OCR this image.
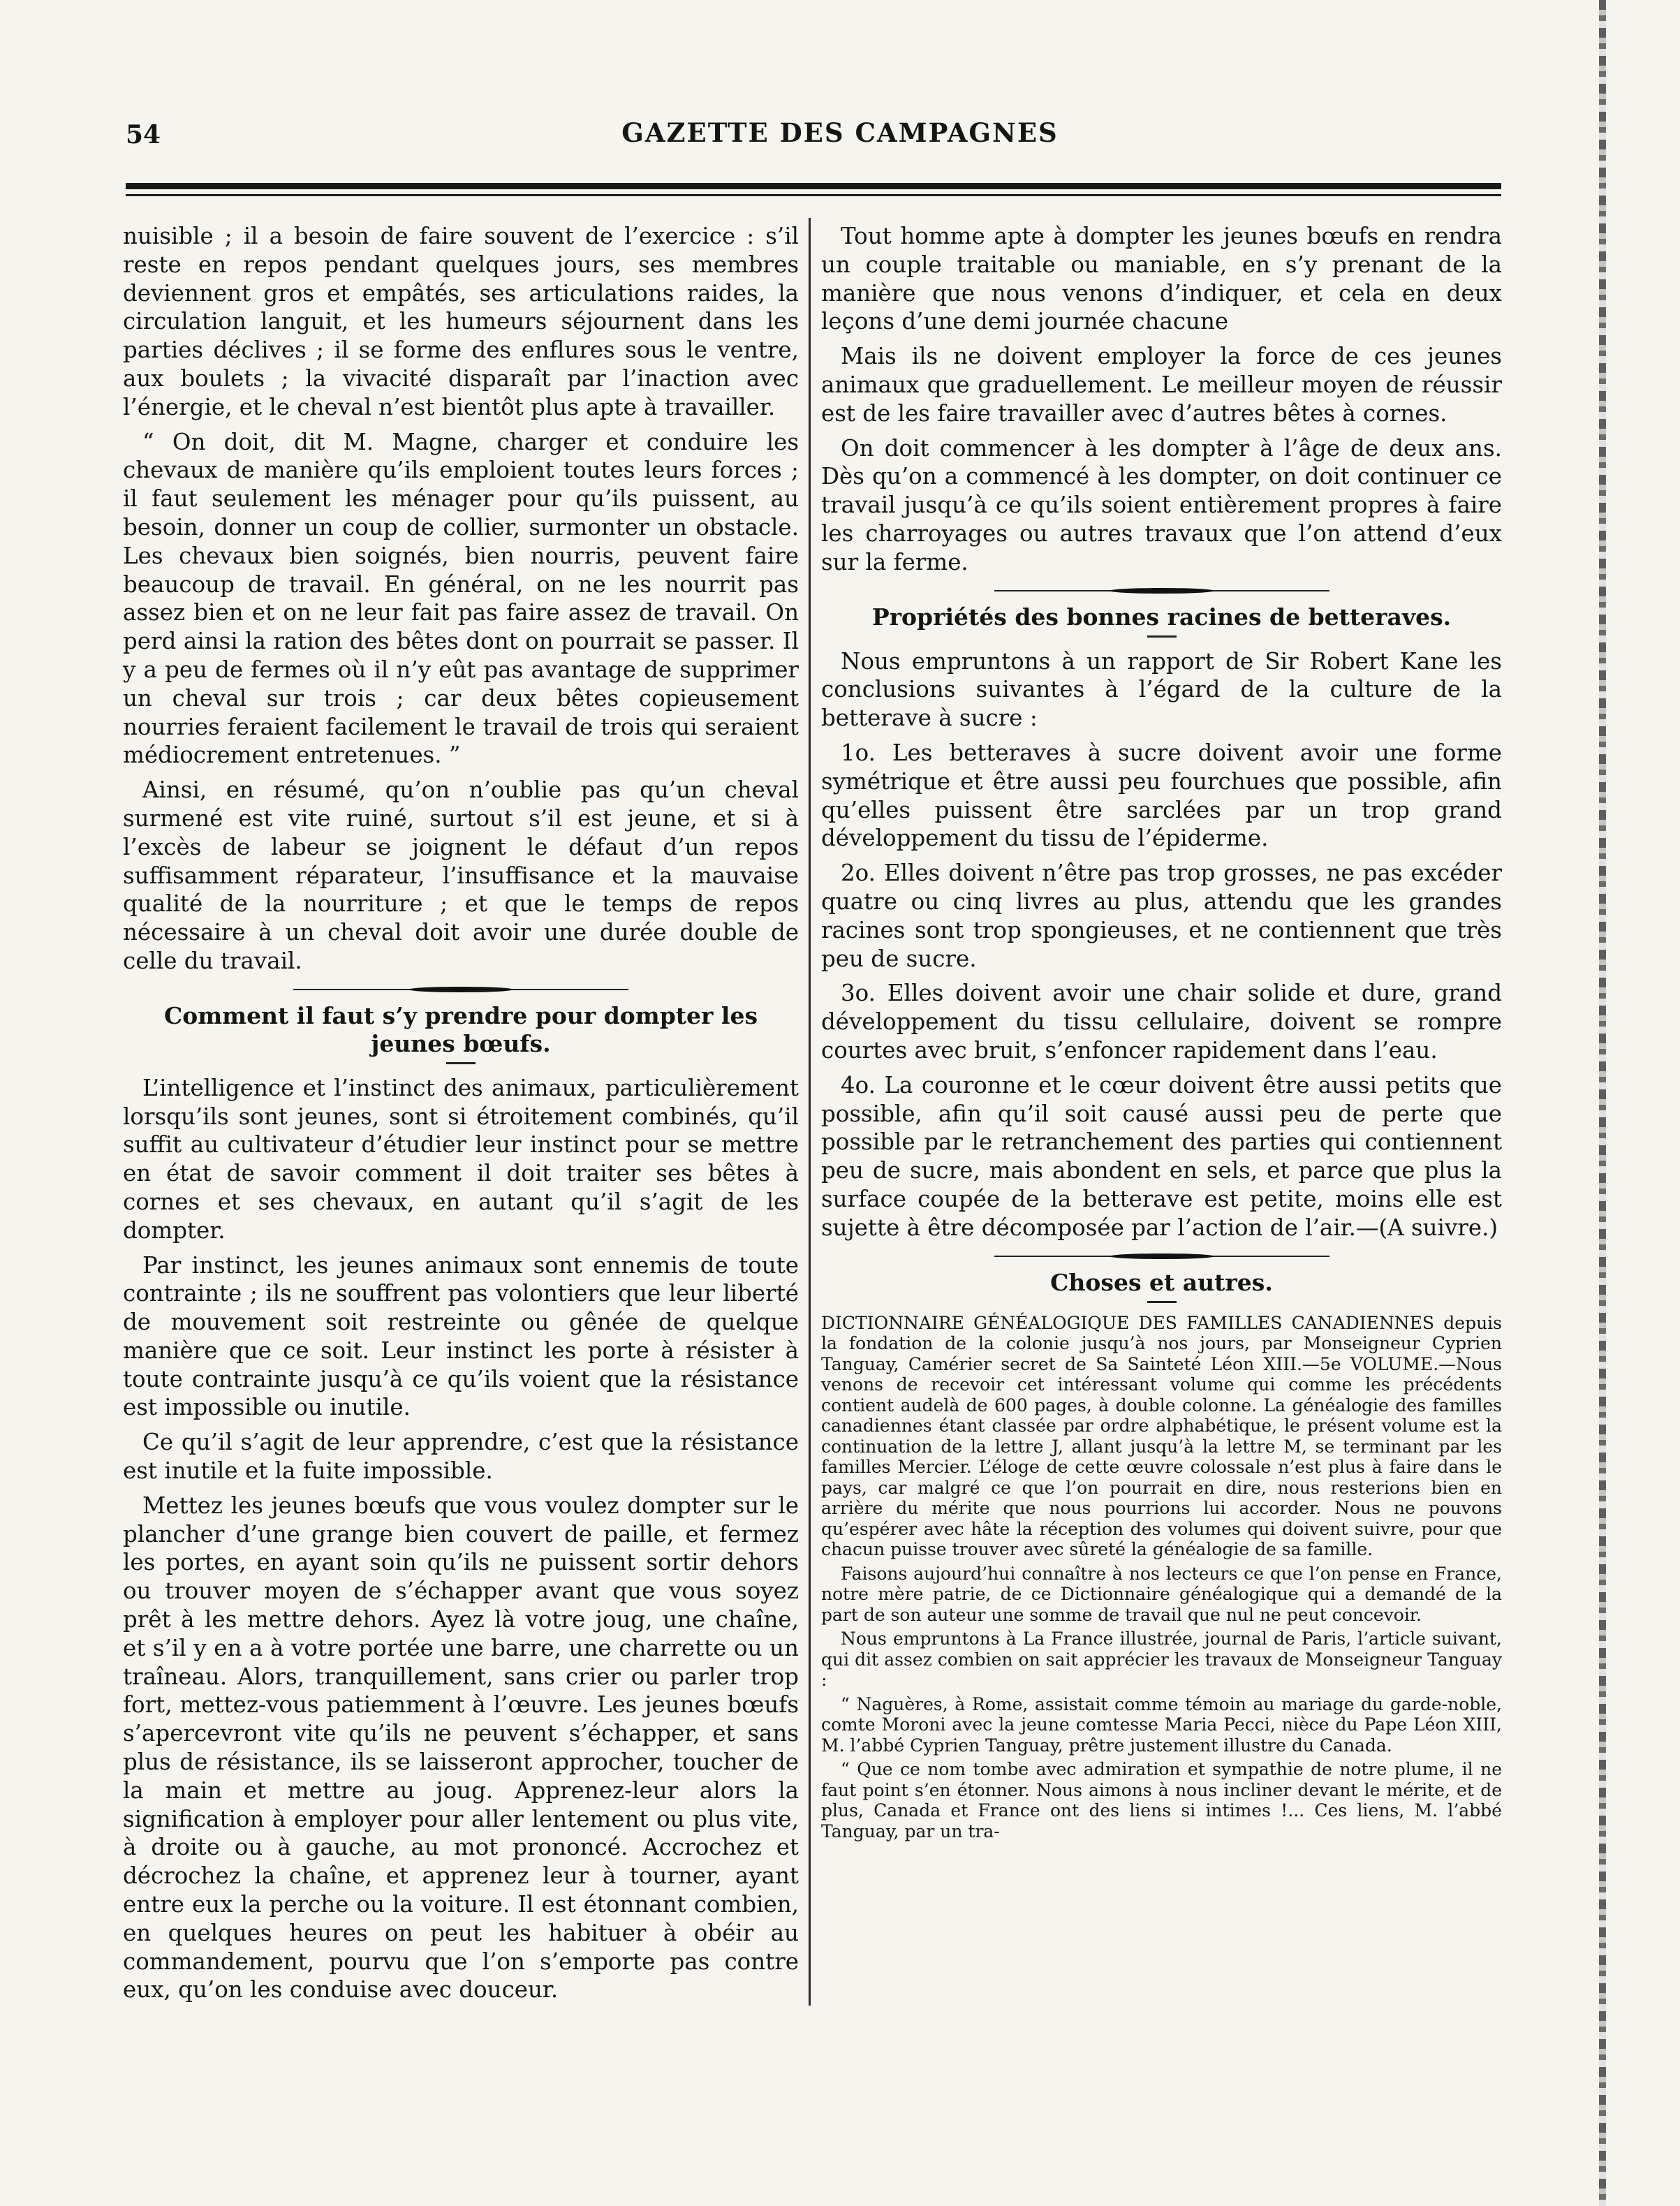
54	GAZETTE DES CAMPAGNES

nuisible ; il a besoin de faire souvent de l’exercice : s’il reste en repos pendant quelques jours, ses membres deviennent gros et empâtés, ses articulations raides, la circulation languit, et les humeurs séjournent dans les parties déclives ; il se forme des enflures sous le ventre, aux boulets ; la vivacité disparaît par l’inaction avec l’énergie, et le cheval n’est bientôt plus apte à travailler.

“ On doit, dit M. Magne, charger et conduire les chevaux de manière qu’ils emploient toutes leurs forces ; il faut seulement les ménager pour qu’ils puissent, au besoin, donner un coup de collier, surmonter un obstacle. Les chevaux bien soignés, bien nourris, peuvent faire beaucoup de travail. En général, on ne les nourrit pas assez bien et on ne leur fait pas faire assez de travail. On perd ainsi la ration des bêtes dont on pourrait se passer. Il y a peu de fermes où il n’y eût pas avantage de supprimer un cheval sur trois ; car deux bêtes copieusement nourries feraient facilement le travail de trois qui seraient médiocrement entretenues. ”

Ainsi, en résumé, qu’on n’oublie pas qu’un cheval surmené est vite ruiné, surtout s’il est jeune, et si à l’excès de labeur se joignent le défaut d’un repos suffisamment réparateur, l’insuffisance et la mauvaise qualité de la nourriture ; et que le temps de repos nécessaire à un cheval doit avoir une durée double de celle du travail.

Comment il faut s’y prendre pour dompter les jeunes bœufs.

L’intelligence et l’instinct des animaux, particulièrement lorsqu’ils sont jeunes, sont si étroitement combinés, qu’il suffit au cultivateur d’étudier leur instinct pour se mettre en état de savoir comment il doit traiter ses bêtes à cornes et ses chevaux, en autant qu’il s’agit de les dompter.

Par instinct, les jeunes animaux sont ennemis de toute contrainte ; ils ne souffrent pas volontiers que leur liberté de mouvement soit restreinte ou gênée de quelque manière que ce soit. Leur instinct les porte à résister à toute contrainte jusqu’à ce qu’ils voient que la résistance est impossible ou inutile.

Ce qu’il s’agit de leur apprendre, c’est que la résistance est inutile et la fuite impossible.

Mettez les jeunes bœufs que vous voulez dompter sur le plancher d’une grange bien couvert de paille, et fermez les portes, en ayant soin qu’ils ne puissent sortir dehors ou trouver moyen de s’échapper avant que vous soyez prêt à les mettre dehors. Ayez là votre joug, une chaîne, et s’il y en a à votre portée une barre, une charrette ou un traîneau. Alors, tranquillement, sans crier ou parler trop fort, mettez-vous patiemment à l’œuvre. Les jeunes bœufs s’apercevront vite qu’ils ne peuvent s’échapper, et sans plus de résistance, ils se laisseront approcher, toucher de la main et mettre au joug. Apprenez-leur alors la signification à employer pour aller lentement ou plus vite, à droite ou à gauche, au mot prononcé. Accrochez et décrochez la chaîne, et apprenez leur à tourner, ayant entre eux la perche ou la voiture. Il est étonnant combien, en quelques heures on peut les habituer à obéir au commandement, pourvu que l’on s’emporte pas contre eux, qu’on les conduise avec douceur.

Tout homme apte à dompter les jeunes bœufs en rendra un couple traitable ou maniable, en s’y prenant de la manière que nous venons d’indiquer, et cela en deux leçons d’une demi journée chacune

Mais ils ne doivent employer la force de ces jeunes animaux que graduellement. Le meilleur moyen de réussir est de les faire travailler avec d’autres bêtes à cornes.

On doit commencer à les dompter à l’âge de deux ans. Dès qu’on a commencé à les dompter, on doit continuer ce travail jusqu’à ce qu’ils soient entièrement propres à faire les charroyages ou autres travaux que l’on attend d’eux sur la ferme.

Propriétés des bonnes racines de betteraves.

Nous empruntons à un rapport de Sir Robert Kane les conclusions suivantes à l’égard de la culture de la betterave à sucre :

1o. Les betteraves à sucre doivent avoir une forme symétrique et être aussi peu fourchues que possible, afin qu’elles puissent être sarclées par un trop grand développement du tissu de l’épiderme.

2o. Elles doivent n’être pas trop grosses, ne pas excéder quatre ou cinq livres au plus, attendu que les grandes racines sont trop spongieuses, et ne contiennent que très peu de sucre.

3o. Elles doivent avoir une chair solide et dure, grand développement du tissu cellulaire, doivent se rompre courtes avec bruit, s’enfoncer rapidement dans l’eau.

4o. La couronne et le cœur doivent être aussi petits que possible, afin qu’il soit causé aussi peu de perte que possible par le retranchement des parties qui contiennent peu de sucre, mais abondent en sels, et parce que plus la surface coupée de la betterave est petite, moins elle est sujette à être décomposée par l’action de l’air.—(A suivre.)

Choses et autres.

DICTIONNAIRE GÉNÉALOGIQUE DES FAMILLES CANADIENNES depuis la fondation de la colonie jusqu’à nos jours, par Monseigneur Cyprien Tanguay, Camérier secret de Sa Sainteté Léon XIII.—5e VOLUME.—Nous venons de recevoir cet intéressant volume qui comme les précédents contient audelà de 600 pages, à double colonne. La généalogie des familles canadiennes étant classée par ordre alphabétique, le présent volume est la continuation de la lettre J, allant jusqu’à la lettre M, se terminant par les familles Mercier. L’éloge de cette œuvre colossale n’est plus à faire dans le pays, car malgré ce que l’on pourrait en dire, nous resterions bien en arrière du mérite que nous pourrions lui accorder. Nous ne pouvons qu’espérer avec hâte la réception des volumes qui doivent suivre, pour que chacun puisse trouver avec sûreté la généalogie de sa famille.

Faisons aujourd’hui connaître à nos lecteurs ce que l’on pense en France, notre mère patrie, de ce Dictionnaire généalogique qui a demandé de la part de son auteur une somme de travail que nul ne peut concevoir.

Nous empruntons à La France illustrée, journal de Paris, l’article suivant, qui dit assez combien on sait apprécier les travaux de Monseigneur Tanguay :

“ Naguères, à Rome, assistait comme témoin au mariage du garde-noble, comte Moroni avec la jeune comtesse Maria Pecci, nièce du Pape Léon XIII, M. l’abbé Cyprien Tanguay, prêtre justement illustre du Canada.

“ Que ce nom tombe avec admiration et sympathie de notre plume, il ne faut point s’en étonner. Nous aimons à nous incliner devant le mérite, et de plus, Canada et France ont des liens si intimes !... Ces liens, M. l’abbé Tanguay, par un tra-
